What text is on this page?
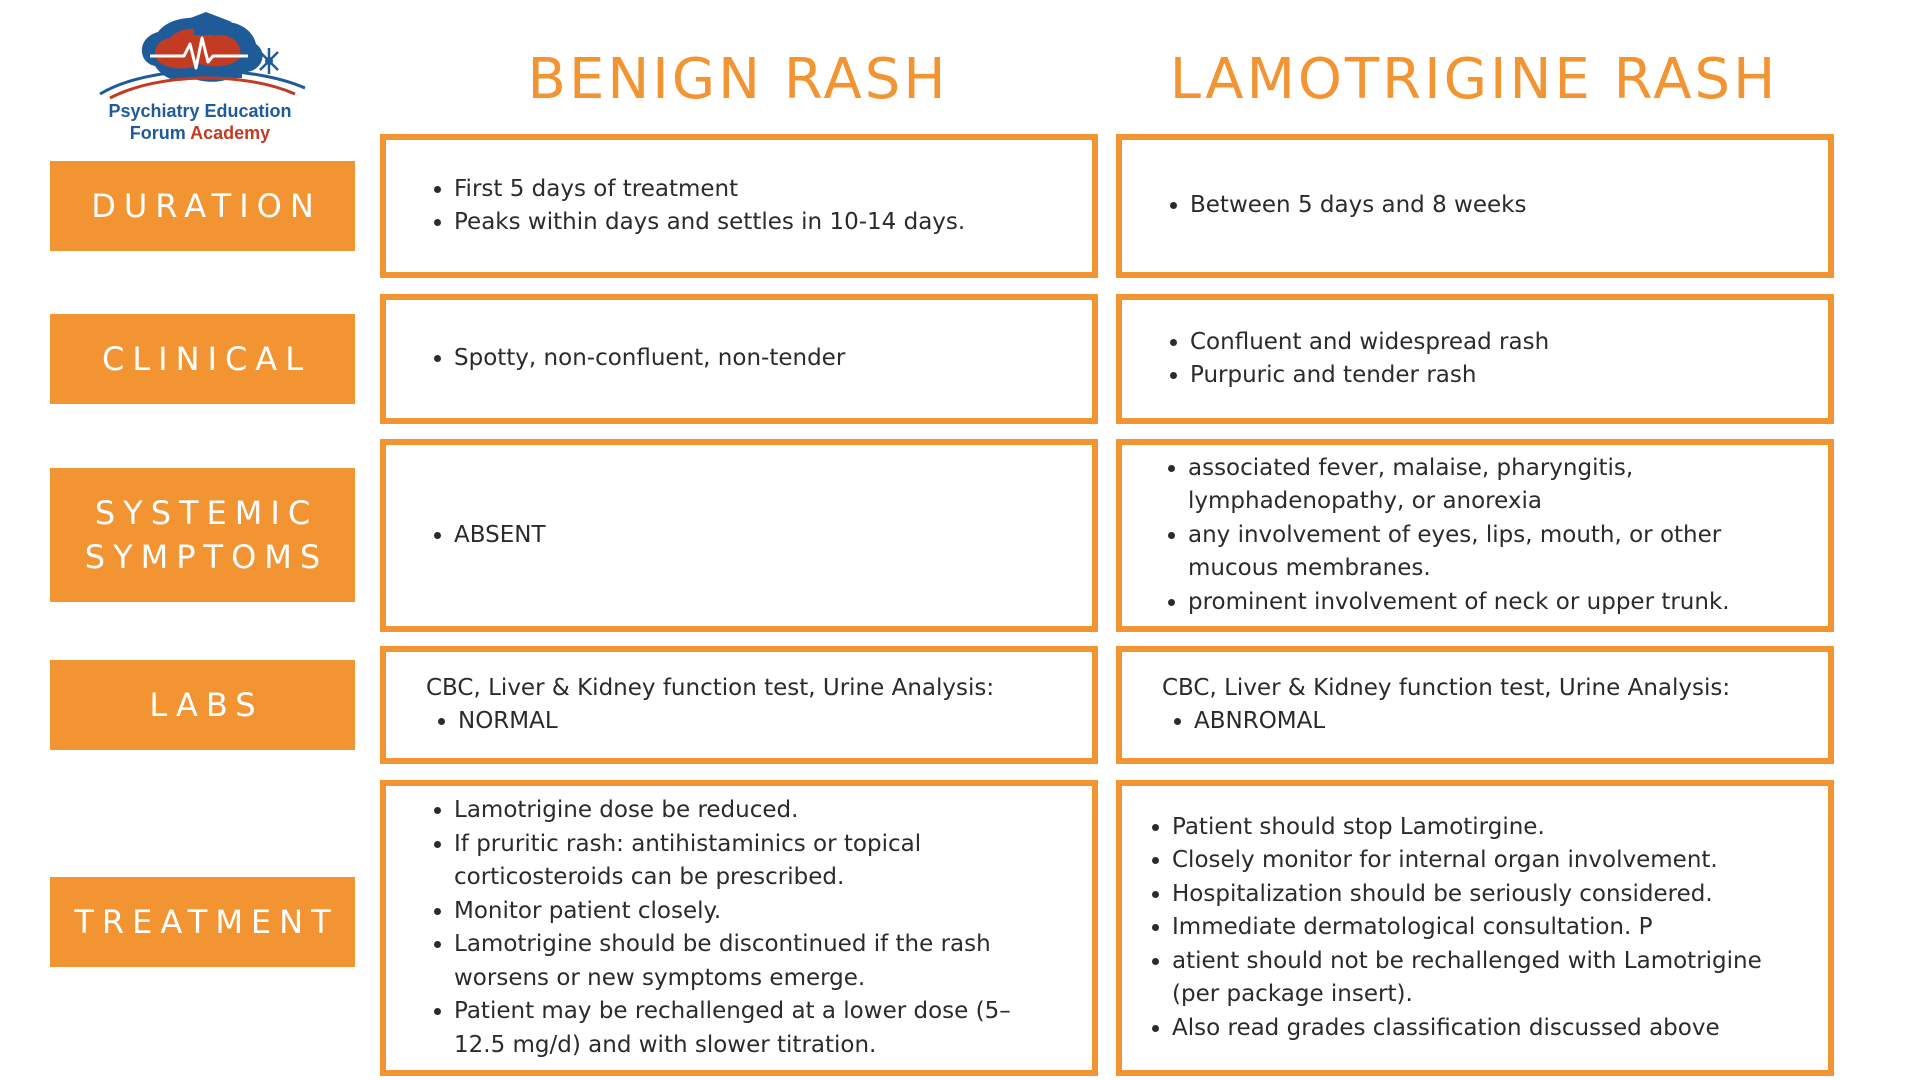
Psychiatry Education
Forum Academy
BENIGN RASH	LAMOTRIGINE RASH
DURATION
CLINICAL
SYSTEMIC
SYMPTOMS
LABS
TREATMENT
• First 5 days of treatment
• Peaks within days and settles in 10-14 days.
• Between 5 days and 8 weeks
• Spotty, non-confluent, non-tender
• Confluent and widespread rash
• Purpuric and tender rash
• ABSENT
• associated fever, malaise, pharyngitis, lymphadenopathy, or anorexia
• any involvement of eyes, lips, mouth, or other mucous membranes.
• prominent involvement of neck or upper trunk.

CBC, Liver & Kidney function test, Urine Analysis:

• NORMAL

CBC, Liver & Kidney function test, Urine Analysis:

• ABNROMAL
• Lamotrigine dose be reduced.
• If pruritic rash: antihistaminics or topical corticosteroids can be prescribed.
• Monitor patient closely.
• Lamotrigine should be discontinued if the rash worsens or new symptoms emerge.
• Patient may be rechallenged at a lower dose (5–12.5 mg/d) and with slower titration.
• Patient should stop Lamotirgine.
• Closely monitor for internal organ involvement.
• Hospitalization should be seriously considered.
• Immediate dermatological consultation. P
• atient should not be rechallenged with Lamotrigine (per package insert).
• Also read grades classification discussed above
